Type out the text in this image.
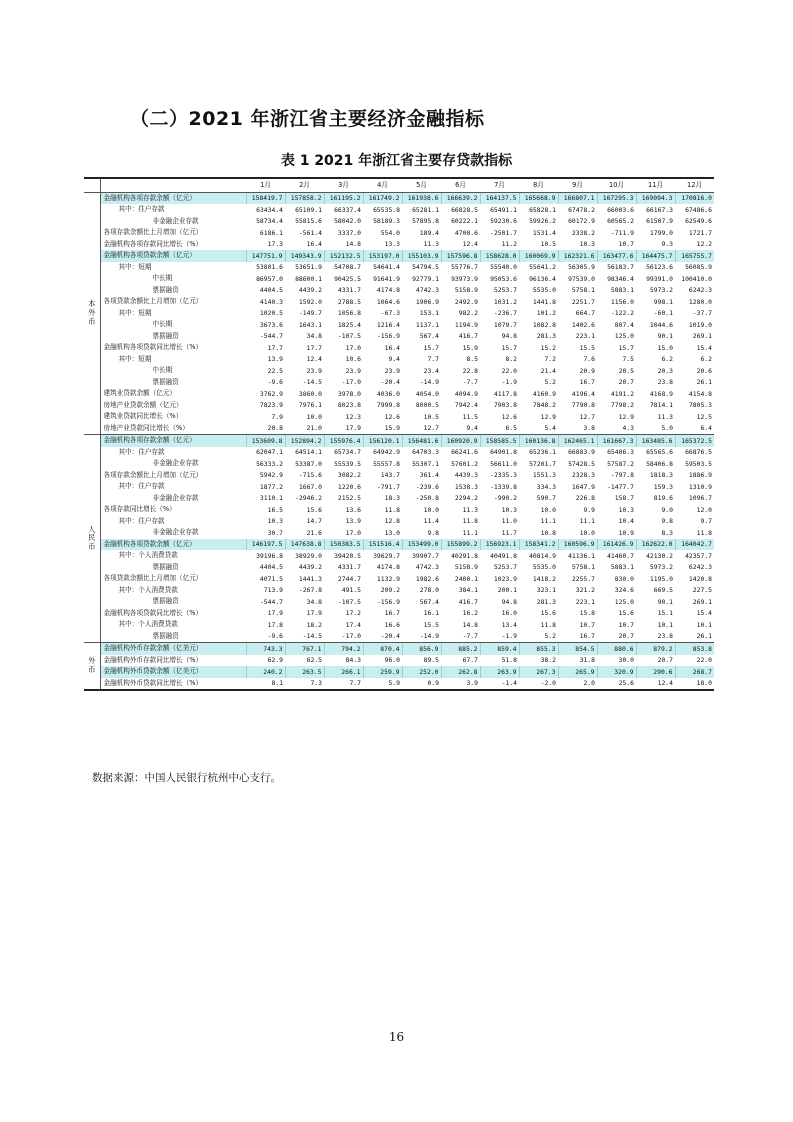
（二）2021 年浙江省主要经济金融指标
表 1 2021 年浙江省主要存贷款指标
		1月	2月	3月	4月	5月	6月	7月	8月	9月	10月	11月	12月
本外币	金融机构各项存款余额（亿元）	158419.7	157858.2	161195.2	161749.2	161938.6	166639.2	164137.5	165668.9	166807.1	167295.3	169094.3	170816.0
	其中：住户存款	63434.4	65109.1	66337.4	65535.8	65281.1	66828.5	65491.1	65828.1	67478.2	66003.6	66167.3	67486.6
	非金融企业存款	58734.4	55815.6	58042.0	58189.3	57895.8	60222.1	59230.6	59926.2	60172.9	60565.2	61507.9	62549.6
	各项存款余额比上月增加（亿元）	6186.1	-561.4	3337.0	554.0	189.4	4700.6	-2501.7	1531.4	2338.2	-711.9	1799.0	1721.7
	金融机构各项存款同比增长（%）	17.3	16.4	14.8	13.3	11.3	12.4	11.2	10.5	10.3	10.7	9.3	12.2
	金融机构各项贷款余额（亿元）	147751.9	149343.9	152132.5	153197.0	155103.9	157596.8	158628.0	160069.9	162321.6	163477.6	164475.7	165755.7
	其中：短期	53801.6	53651.9	54708.7	54641.4	54794.5	55776.7	55540.0	55641.2	56305.9	56183.7	56123.6	56085.9
	中长期	86957.0	88600.1	90425.5	91641.9	92779.1	93973.9	95053.6	96136.4	97539.0	98346.4	99391.0	100410.0
	票据融资	4404.5	4439.2	4331.7	4174.8	4742.3	5158.9	5253.7	5535.0	5758.1	5883.1	5973.2	6242.3
	各项贷款余额比上月增加（亿元）	4140.3	1592.0	2788.5	1064.6	1906.9	2492.9	1031.2	1441.8	2251.7	1156.0	998.1	1280.0
	其中：短期	1020.5	-149.7	1056.8	-67.3	153.1	982.2	-236.7	101.2	664.7	-122.2	-60.1	-37.7
	中长期	3673.6	1643.1	1825.4	1216.4	1137.1	1194.9	1079.7	1082.8	1402.6	807.4	1044.6	1019.0
	票据融资	-544.7	34.8	-107.5	-156.9	567.4	416.7	94.8	281.3	223.1	125.0	90.1	269.1
	金融机构各项贷款同比增长（%）	17.7	17.7	17.0	16.4	15.7	15.9	15.7	15.2	15.5	15.7	15.0	15.4
	其中：短期	13.9	12.4	10.6	9.4	7.7	8.5	8.2	7.2	7.6	7.5	6.2	6.2
	中长期	22.5	23.9	23.9	23.9	23.4	22.8	22.0	21.4	20.9	20.5	20.3	20.6
	票据融资	-9.6	-14.5	-17.0	-20.4	-14.9	-7.7	-1.9	5.2	16.7	20.7	23.8	26.1
	建筑业贷款余额（亿元）	3762.9	3860.0	3978.0	4036.0	4054.0	4094.9	4117.8	4160.9	4196.4	4191.2	4168.9	4154.8
	房地产业贷款余额（亿元）	7823.9	7976.1	8023.8	7999.8	8000.5	7942.4	7903.8	7848.2	7790.8	7798.2	7814.1	7805.3
	建筑业贷款同比增长（%）	7.9	10.0	12.3	12.6	10.5	11.5	12.6	12.9	12.7	12.9	11.3	12.5
	房地产业贷款同比增长（%）	20.8	21.0	17.9	15.9	12.7	9.4	6.5	5.4	3.8	4.3	5.0	6.4
人民币	金融机构各项存款余额（亿元）	153609.8	152894.2	155976.4	156120.1	156481.6	160920.9	158585.5	160136.8	162465.1	161667.3	163485.6	165372.5
	其中：住户存款	62047.1	64514.1	65734.7	64942.9	64703.3	66241.6	64901.8	65236.1	66883.9	65406.3	65565.6	66876.5
	非金融企业存款	56333.2	53387.0	55539.5	55557.8	55307.1	57601.2	56611.0	57201.7	57428.5	57587.2	58406.8	59503.5
	各项存款余额比上月增加（亿元）	5942.9	-715.6	3082.2	143.7	361.4	4439.3	-2335.3	1551.3	2328.3	-797.8	1818.3	1886.9
	其中：住户存款	1877.2	1667.0	1220.6	-791.7	-239.6	1538.3	-1339.8	334.3	1647.9	-1477.7	159.3	1310.9
	非金融企业存款	3110.1	-2946.2	2152.5	18.3	-250.8	2294.2	-990.2	590.7	226.8	158.7	819.6	1096.7
	各项存款同比增长（%）	16.5	15.6	13.6	11.8	10.0	11.3	10.3	10.0	9.9	10.3	9.0	12.0
	其中：住户存款	10.3	14.7	13.9	12.8	11.4	11.8	11.0	11.1	11.1	10.4	9.8	9.7
	非金融企业存款	30.7	21.6	17.0	13.0	9.8	11.1	11.7	10.8	10.0	10.9	8.3	11.8
	金融机构各项贷款余额（亿元）	146197.5	147638.8	150383.5	151516.4	153499.0	155899.2	156923.1	158341.2	160596.9	161426.9	162622.0	164042.7
	其中：个人消费贷款	39196.8	38929.0	39420.5	39629.7	39907.7	40291.8	40491.8	40814.9	41136.1	41460.7	42130.2	42357.7
	票据融资	4404.5	4439.2	4331.7	4174.8	4742.3	5158.9	5253.7	5535.0	5758.1	5883.1	5973.2	6242.3
	各项贷款余额比上月增加（亿元）	4071.5	1441.3	2744.7	1132.9	1982.6	2400.1	1023.9	1418.2	2255.7	830.0	1195.0	1420.8
	其中：个人消费贷款	713.9	-267.8	491.5	209.2	278.0	384.1	200.1	323.1	321.2	324.6	669.5	227.5
	票据融资	-544.7	34.8	-107.5	-156.9	567.4	416.7	94.8	281.3	223.1	125.0	90.1	269.1
	金融机构各项贷款同比增长（%）	17.9	17.9	17.2	16.7	16.1	16.2	16.0	15.6	15.8	15.6	15.1	15.4
	其中：个人消费贷款	17.8	18.2	17.4	16.6	15.5	14.8	13.4	11.8	10.7	10.7	10.1	10.1
	票据融资	-9.6	-14.5	-17.0	-20.4	-14.9	-7.7	-1.9	5.2	16.7	20.7	23.8	26.1
外币	金融机构外币存款余额（亿美元）	743.3	767.1	794.2	870.4	856.9	885.2	859.4	855.3	854.5	880.6	879.2	853.8
	金融机构外币存款同比增长（%）	62.9	62.5	84.3	96.0	89.5	67.7	51.8	38.2	31.8	30.0	20.7	22.0
	金融机构外币贷款余额（亿美元）	240.2	263.5	266.1	259.9	252.0	262.8	263.9	267.3	265.9	320.9	290.6	268.7
	金融机构外币贷款同比增长（%）	8.1	7.3	7.7	5.9	0.9	3.9	-1.4	-2.0	2.0	25.6	12.4	18.0
数据来源：中国人民银行杭州中心支行。
16
